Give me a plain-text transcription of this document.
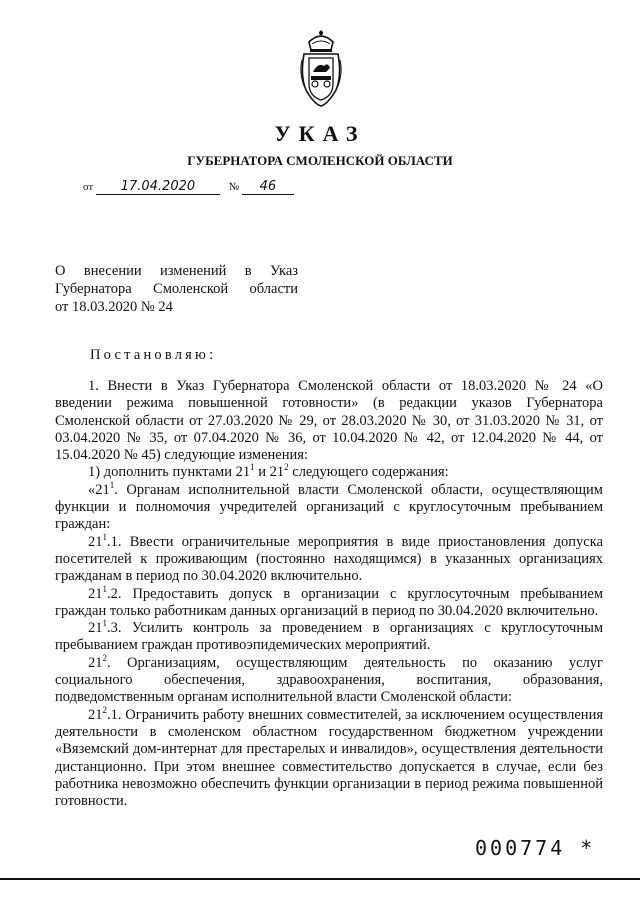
УКАЗ
ГУБЕРНАТОРА СМОЛЕНСКОЙ ОБЛАСТИ
от 17.04.2020	№ 46
О внесении изменений в Указ
Губернатора Смоленской области
от 18.03.2020 № 24
Постановляю:

1. Внести в Указ Губернатора Смоленской области от 18.03.2020 № 24 «О введении режима повышенной готовности» (в редакции указов Губернатора Смоленской области от 27.03.2020 № 29, от 28.03.2020 № 30, от 31.03.2020 № 31, от 03.04.2020 № 35, от 07.04.2020 № 36, от 10.04.2020 № 42, от 12.04.2020 № 44, от 15.04.2020 № 45) следующие изменения:

1) дополнить пунктами $21^1$ и $21^2$ следующего содержания:

«$21^1$. Органам исполнительной власти Смоленской области, осуществляющим функции и полномочия учредителей организаций с круглосуточным пребыванием граждан:

$21^1.1$. Ввести ограничительные мероприятия в виде приостановления допуска посетителей к проживающим (постоянно находящимся) в указанных организациях гражданам в период по 30.04.2020 включительно.

$21^1.2$. Предоставить допуск в организации с круглосуточным пребыванием граждан только работникам данных организаций в период по 30.04.2020 включительно.

$21^1.3$. Усилить контроль за проведением в организациях с круглосуточным пребыванием граждан противоэпидемических мероприятий.

$21^2$. Организациям, осуществляющим деятельность по оказанию услуг социального обеспечения, здравоохранения, воспитания, образования, подведомственным органам исполнительной власти Смоленской области:

$21^2.1$. Ограничить работу внешних совместителей, за исключением осуществления деятельности в смоленском областном государственном бюджетном учреждении «Вяземский дом-интернат для престарелых и инвалидов», осуществления деятельности дистанционно. При этом внешнее совместительство допускается в случае, если без работника невозможно обеспечить функции организации в период режима повышенной готовности.

000774 *
